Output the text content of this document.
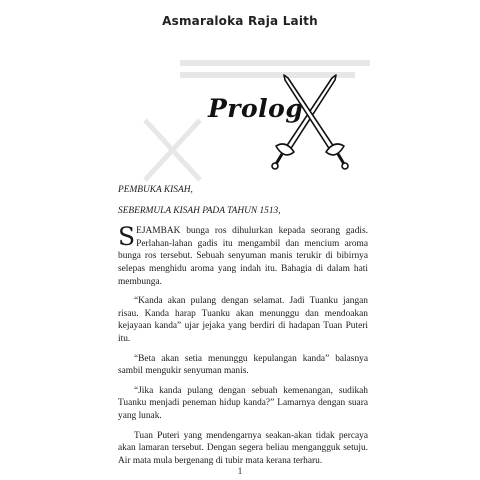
Asmaraloka Raja Laith
Prolog

PEMBUKA KISAH,

SEBERMULA KISAH PADA TAHUN 1513,

SEJAMBAK bunga ros dihulurkan kepada seorang gadis. Perlahan-lahan gadis itu mengambil dan mencium aroma bunga ros tersebut. Sebuah senyuman manis terukir di bibirnya selepas menghidu aroma yang indah itu. Bahagia di dalam hati membunga.

“Kanda akan pulang dengan selamat. Jadi Tuanku jangan risau. Kanda harap Tuanku akan menunggu dan mendoakan kejayaan kanda” ujar jejaka yang berdiri di hadapan Tuan Puteri itu.

“Beta akan setia menunggu kepulangan kanda” balasnya sambil mengukir senyuman manis.

“Jika kanda pulang dengan sebuah kemenangan, sudikah Tuanku menjadi peneman hidup kanda?” Lamarnya dengan suara yang lunak.

Tuan Puteri yang mendengarnya seakan-akan tidak percaya akan lamaran tersebut. Dengan segera beliau mengangguk setuju. Air mata mula bergenang di tubir mata kerana terharu.

1
